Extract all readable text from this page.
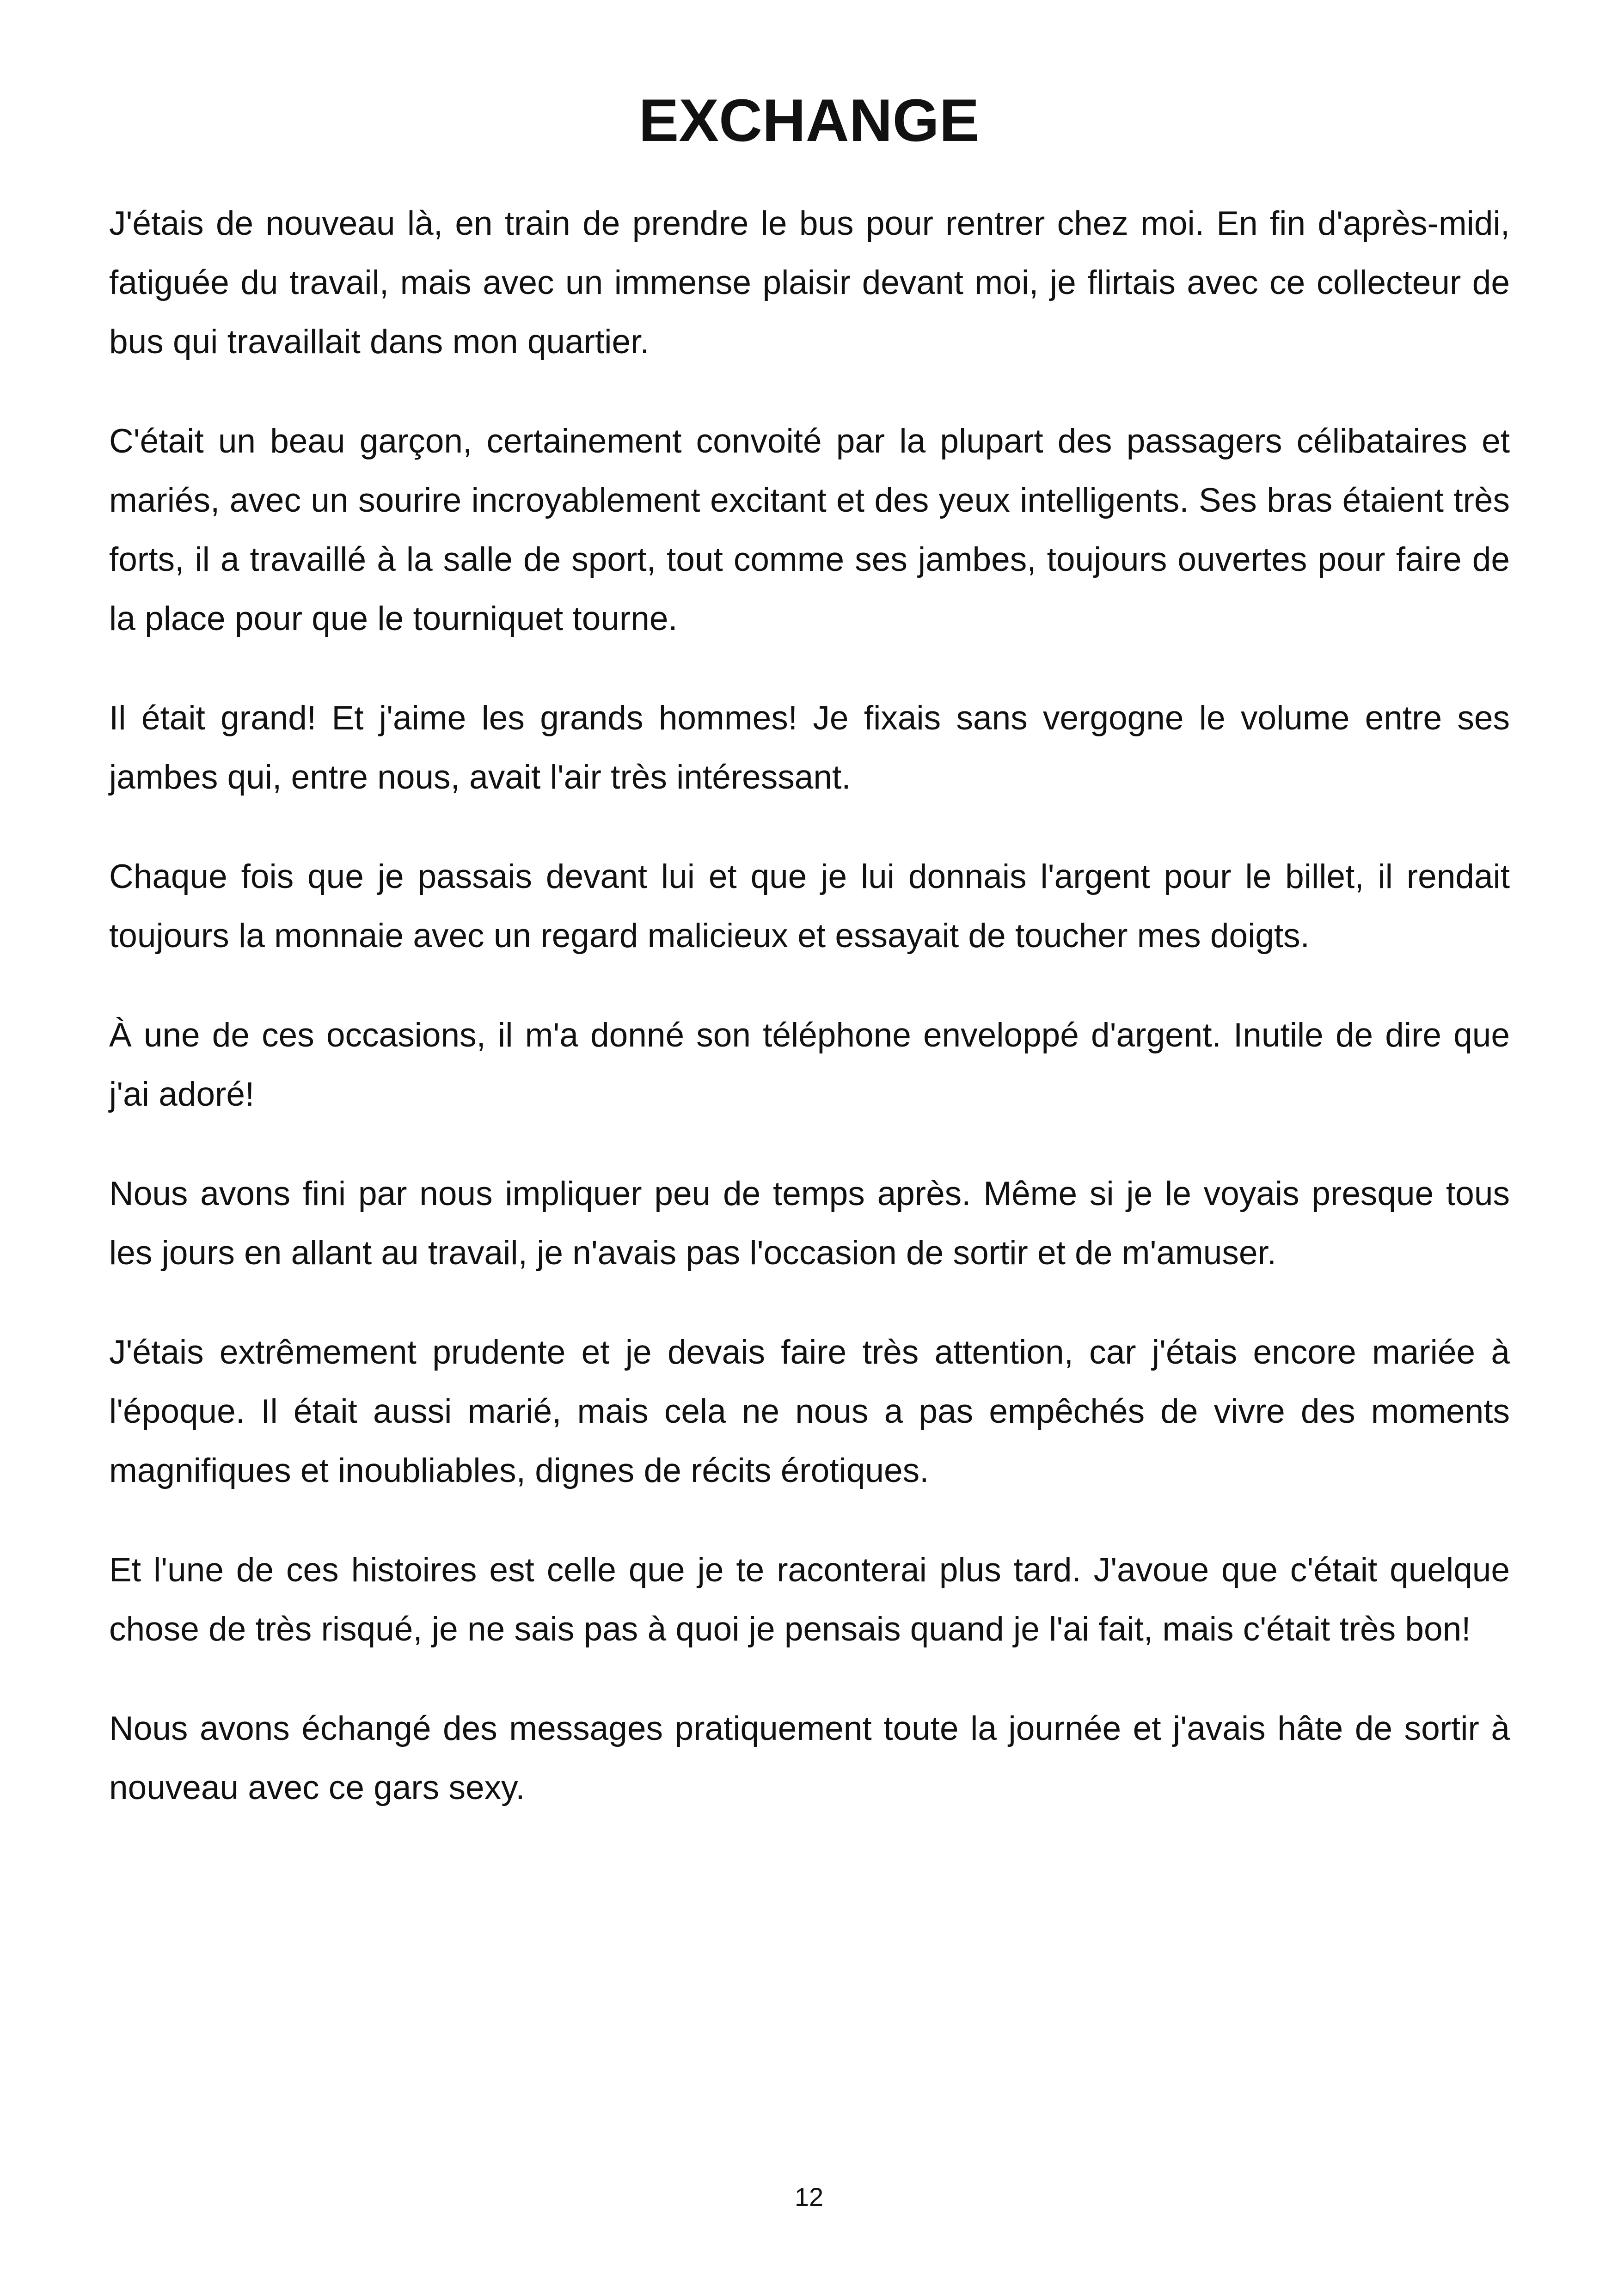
EXCHANGE

J'étais de nouveau là, en train de prendre le bus pour rentrer chez moi. En fin d'après-midi, fatiguée du travail, mais avec un immense plaisir devant moi, je flirtais avec ce collecteur de bus qui travaillait dans mon quartier.

C'était un beau garçon, certainement convoité par la plupart des passagers célibataires et mariés, avec un sourire incroyablement excitant et des yeux intelligents. Ses bras étaient très forts, il a travaillé à la salle de sport, tout comme ses jambes, toujours ouvertes pour faire de la place pour que le tourniquet tourne.

Il était grand! Et j'aime les grands hommes! Je fixais sans vergogne le volume entre ses jambes qui, entre nous, avait l'air très intéressant.

Chaque fois que je passais devant lui et que je lui donnais l'argent pour le billet, il rendait toujours la monnaie avec un regard malicieux et essayait de toucher mes doigts.

À une de ces occasions, il m'a donné son téléphone enveloppé d'argent. Inutile de dire que j'ai adoré!

Nous avons fini par nous impliquer peu de temps après. Même si je le voyais presque tous les jours en allant au travail, je n'avais pas l'occasion de sortir et de m'amuser.

J'étais extrêmement prudente et je devais faire très attention, car j'étais encore mariée à l'époque. Il était aussi marié, mais cela ne nous a pas empêchés de vivre des moments magnifiques et inoubliables, dignes de récits érotiques.

Et l'une de ces histoires est celle que je te raconterai plus tard. J'avoue que c'était quelque chose de très risqué, je ne sais pas à quoi je pensais quand je l'ai fait, mais c'était très bon!

Nous avons échangé des messages pratiquement toute la journée et j'avais hâte de sortir à nouveau avec ce gars sexy.

12
